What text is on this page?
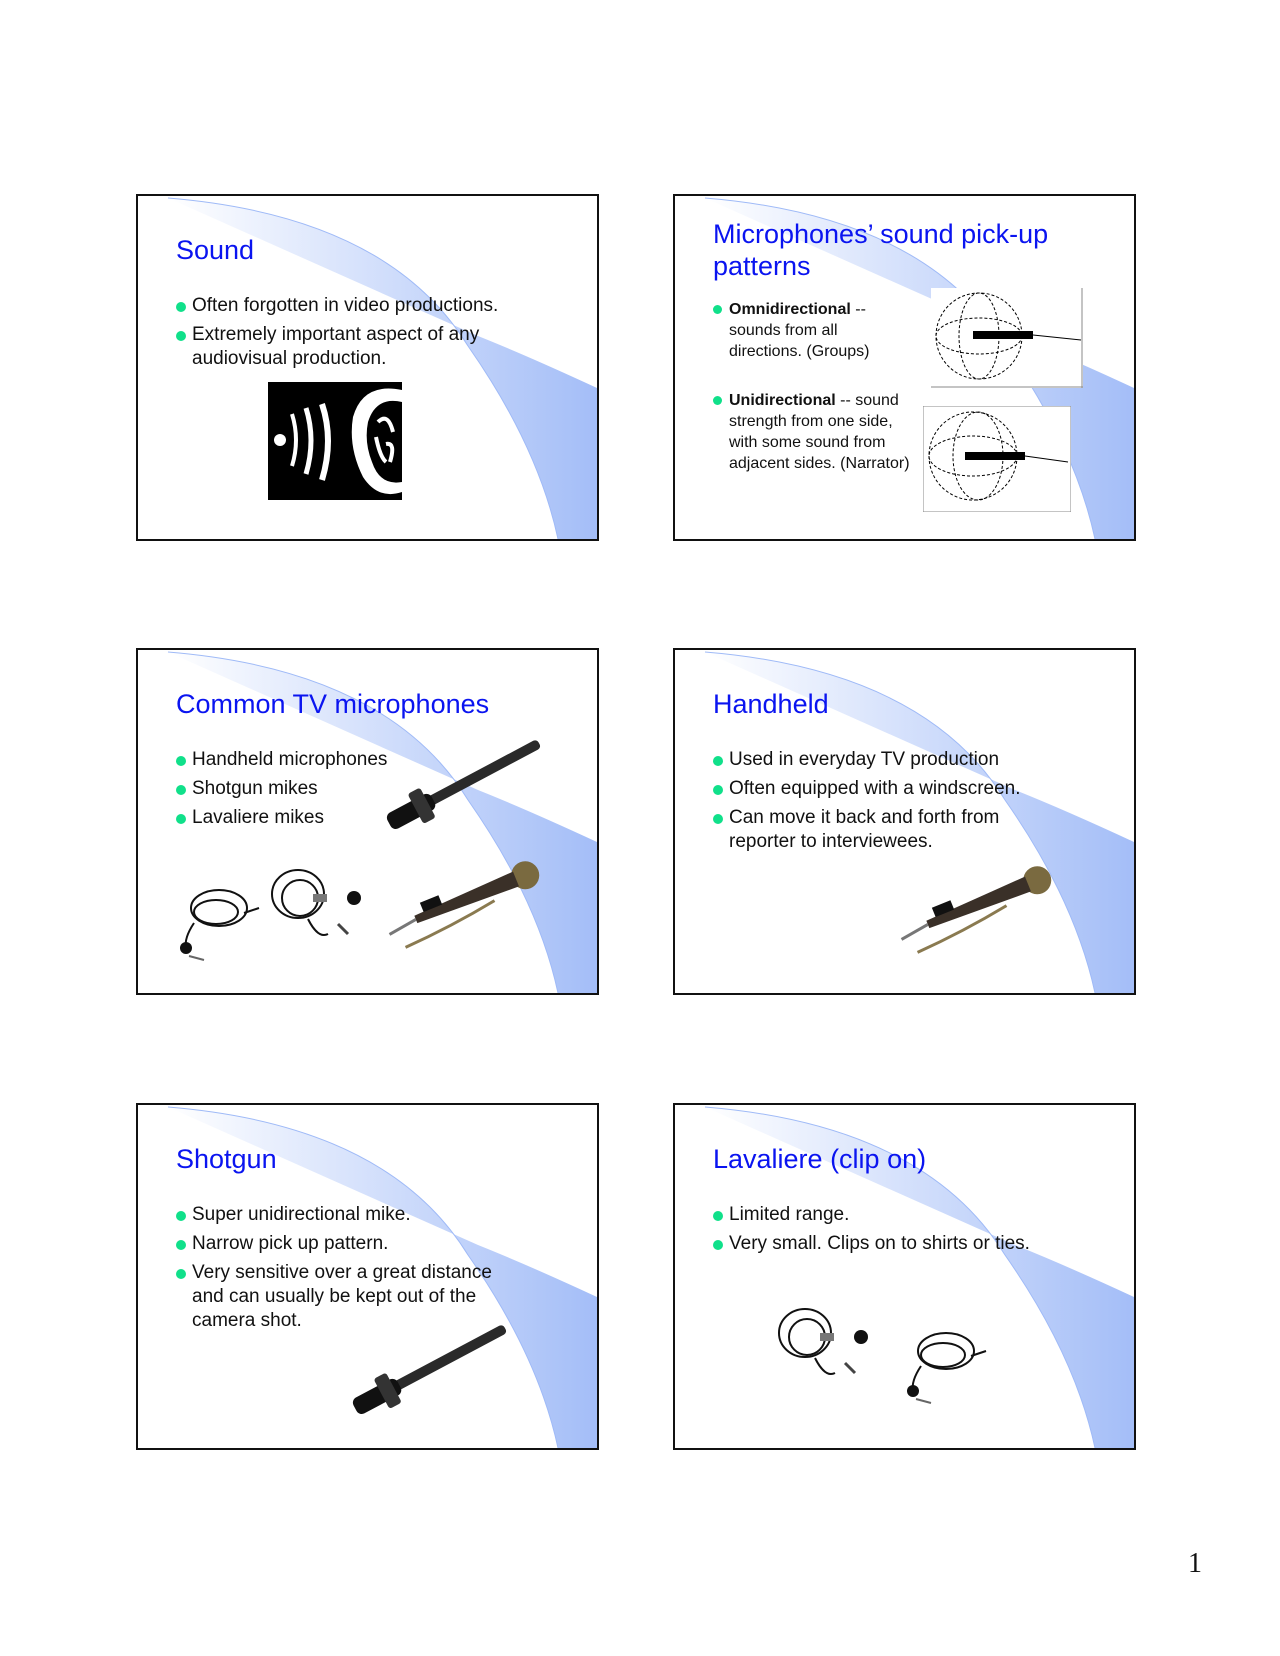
Sound
Often forgotten in video productions.
Extremely important aspect of any audiovisual production.
Microphones’ sound pick-up patterns
Omnidirectional -- sounds from all directions. (Groups)
Unidirectional -- sound strength from one side, with some sound from adjacent sides. (Narrator)
Common TV microphones
Handheld microphones
Shotgun mikes
Lavaliere mikes
Handheld
Used in everyday TV production
Often equipped with a windscreen.
Can move it back and forth from reporter to interviewees.
Shotgun
Super unidirectional mike.
Narrow pick up pattern.
Very sensitive over a great distance and can usually be kept out of the camera shot.
Lavaliere (clip on)
Limited range.
Very small. Clips on to shirts or ties.
1
